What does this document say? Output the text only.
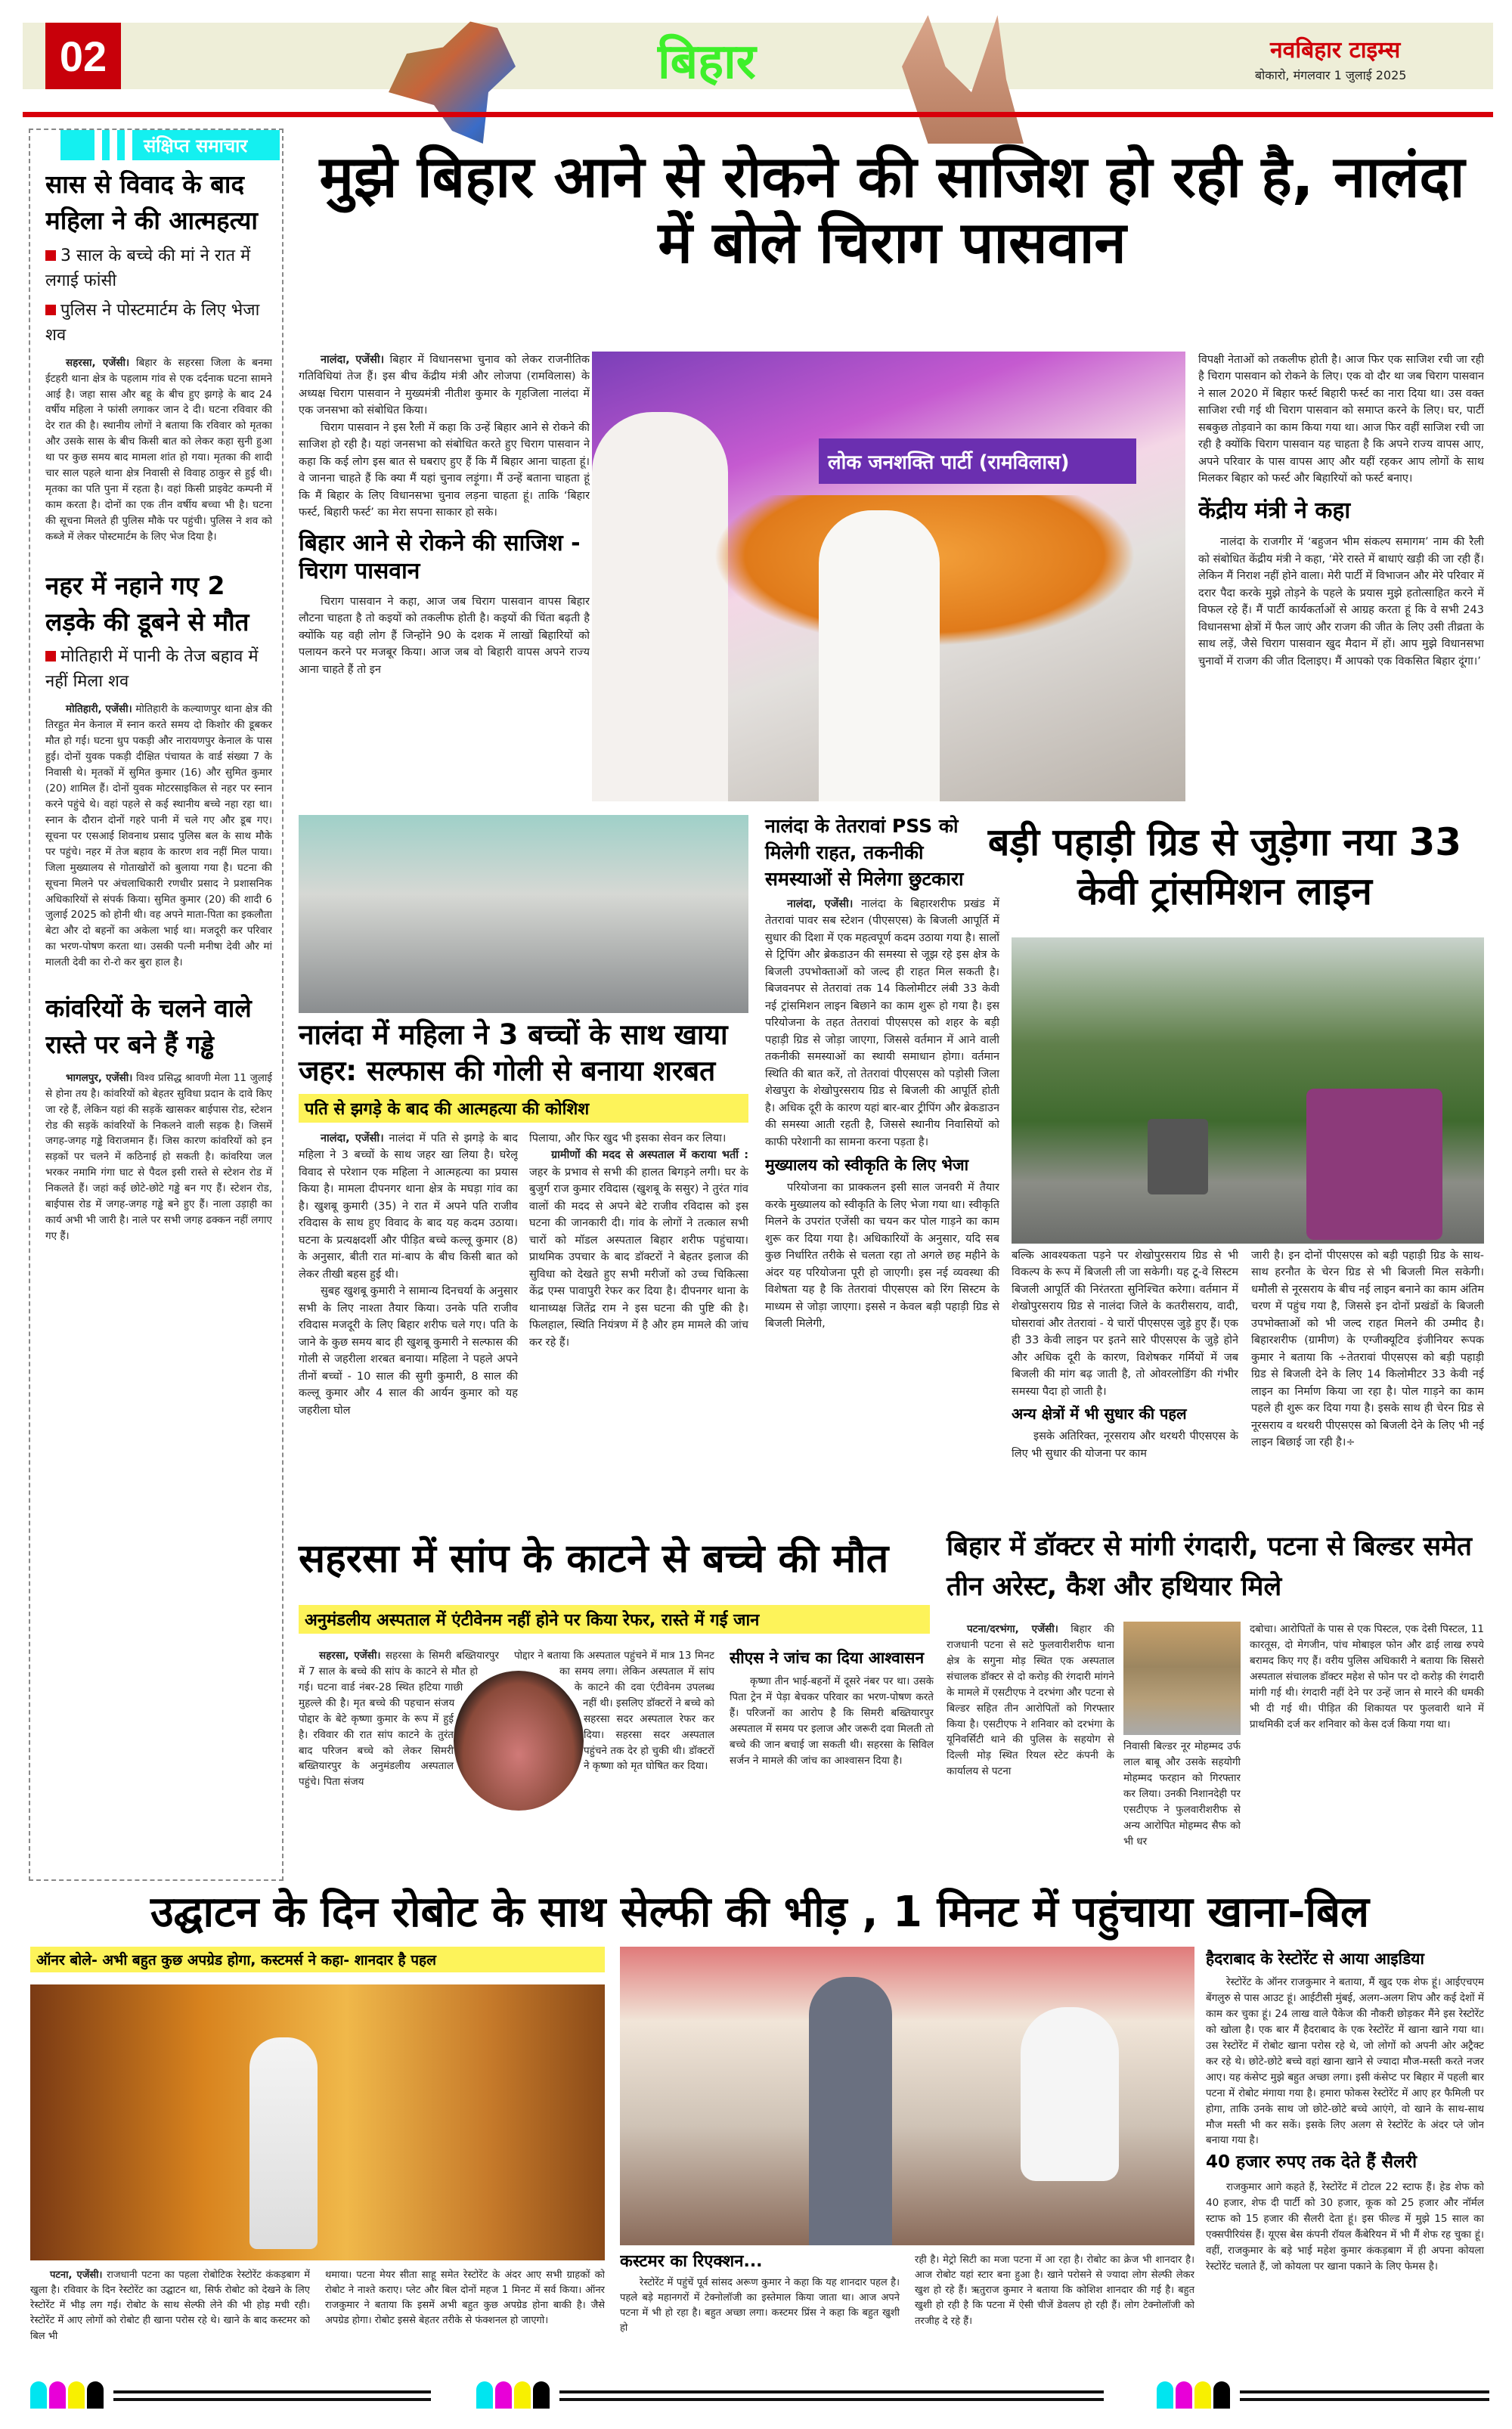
02	बिहार	नवबिहार टाइम्स
बोकारो, मंगलवार 1 जुलाई 2025
संक्षिप्त समाचार
सास से विवाद के बाद महिला ने की आत्महत्या
3 साल के बच्चे की मां ने रात में लगाई फांसी
पुलिस ने पोस्टमार्टम के लिए भेजा शव

सहरसा, एजेंसी। बिहार के सहरसा जिला के बनमा ईटहरी थाना क्षेत्र के पहलाम गांव से एक दर्दनाक घटना सामने आई है। जहा सास और बहू के बीच हुए झगड़े के बाद 24 वर्षीय महिला ने फांसी लगाकर जान दे दी। घटना रविवार की देर रात की है। स्थानीय लोगों ने बताया कि रविवार को मृतका और उसके सास के बीच किसी बात को लेकर कहा सुनी हुआ था पर कुछ समय बाद मामला शांत हो गया। मृतका की शादी चार साल पहले थाना क्षेत्र निवासी से विवाह ठाकुर से हुई थी। मृतका का पति पुना में रहता है। वहां किसी प्राइवेट कम्पनी में काम करता है। दोनों का एक तीन वर्षीय बच्चा भी है। घटना की सूचना मिलते ही पुलिस मौके पर पहुंची। पुलिस ने शव को कब्जे में लेकर पोस्टमार्टम के लिए भेज दिया है।

नहर में नहाने गए 2 लड़के की डूबने से मौत
मोतिहारी में पानी के तेज बहाव में नहीं मिला शव

मोतिहारी, एजेंसी। मोतिहारी के कल्याणपुर थाना क्षेत्र की तिरहुत मेन केनाल में स्नान करते समय दो किशोर की डूबकर मौत हो गई। घटना धुप पकड़ी और नारायणपुर केनाल के पास हुई। दोनों युवक पकड़ी दीक्षित पंचायत के वार्ड संख्या 7 के निवासी थे। मृतकों में सुमित कुमार (16) और सुमित कुमार (20) शामिल हैं। दोनों युवक मोटरसाइकिल से नहर पर स्नान करने पहुंचे थे। वहां पहले से कई स्थानीय बच्चे नहा रहा था। स्नान के दौरान दोनों गहरे पानी में चले गए और डूब गए। सूचना पर एसआई शिवनाथ प्रसाद पुलिस बल के साथ मौके पर पहुंचे। नहर में तेज बहाव के कारण शव नहीं मिल पाया। जिला मुख्यालय से गोताखोरों को बुलाया गया है। घटना की सूचना मिलने पर अंचलाधिकारी रणधीर प्रसाद ने प्रशासनिक अधिकारियों से संपर्क किया। सुमित कुमार (20) की शादी 6 जुलाई 2025 को होनी थी। वह अपने माता-पिता का इकलौता बेटा और दो बहनों का अकेला भाई था। मजदूरी कर परिवार का भरण-पोषण करता था। उसकी पत्नी मनीषा देवी और मां मालती देवी का रो-रो कर बुरा हाल है।

कांवरियों के चलने वाले रास्ते पर बने हैं गड्ढे

भागलपुर, एजेंसी। विश्व प्रसिद्ध श्रावणी मेला 11 जुलाई से होना तय है। कांवरियों को बेहतर सुविधा प्रदान के दावे किए जा रहे हैं, लेकिन यहां की सड़कें खासकर बाईपास रोड, स्टेशन रोड की सड़कें कांवरियों के निकलने वाली सड़क है। जिसमें जगह-जगह गड्ढे विराजमान हैं। जिस कारण कांवरियों को इन सड़कों पर चलने में कठिनाई हो सकती है। कांवरिया जल भरकर नमामि गंगा घाट से पैदल इसी रास्ते से स्टेशन रोड में निकलते हैं। जहां कई छोटे-छोटे गड्ढे बन गए हैं। स्टेशन रोड, बाईपास रोड में जगह-जगह गड्ढे बने हुए हैं। नाला उड़ाही का कार्य अभी भी जारी है। नाले पर सभी जगह ढक्कन नहीं लगाए गए हैं।

मुझे बिहार आने से रोकने की साजिश हो रही है, नालंदा में बोले चिराग पासवान

नालंदा, एजेंसी। बिहार में विधानसभा चुनाव को लेकर राजनीतिक गतिविधियां तेज हैं। इस बीच केंद्रीय मंत्री और लोजपा (रामविलास) के अध्यक्ष चिराग पासवान ने मुख्यमंत्री नीतीश कुमार के गृहजिला नालंदा में एक जनसभा को संबोधित किया।

चिराग पासवान ने इस रैली में कहा कि उन्हें बिहार आने से रोकने की साजिश हो रही है। यहां जनसभा को संबोधित करते हुए चिराग पासवान ने कहा कि कई लोग इस बात से घबराए हुए हैं कि मैं बिहार आना चाहता हूं। वे जानना चाहते हैं कि क्या मैं यहां चुनाव लड़ूंगा। मैं उन्हें बताना चाहता हूं कि मैं बिहार के लिए विधानसभा चुनाव लड़ना चाहता हूं। ताकि ‘बिहार फर्स्ट, बिहारी फर्स्ट’ का मेरा सपना साकार हो सके।

बिहार आने से रोकने की साजिश - चिराग पासवान

चिराग पासवान ने कहा, आज जब चिराग पासवान वापस बिहार लौटना चाहता है तो कइयों को तकलीफ होती है। कइयों की चिंता बढ़ती है क्योंकि यह वही लोग हैं जिन्होंने 90 के दशक में लाखों बिहारियों को पलायन करने पर मजबूर किया। आज जब वो बिहारी वापस अपने राज्य आना चाहते हैं तो इन

लोक जनशक्ति पार्टी (रामविलास)

विपक्षी नेताओं को तकलीफ होती है। आज फिर एक साजिश रची जा रही है चिराग पासवान को रोकने के लिए। एक वो दौर था जब चिराग पासवान ने साल 2020 में बिहार फर्स्ट बिहारी फर्स्ट का नारा दिया था। उस वक्त साजिश रची गई थी चिराग पासवान को समाप्त करने के लिए। घर, पार्टी सबकुछ तोड़वाने का काम किया गया था। आज फिर वहीं साजिश रची जा रही है क्योंकि चिराग पासवान यह चाहता है कि अपने राज्य वापस आए, अपने परिवार के पास वापस आए और यहीं रहकर आप लोगों के साथ मिलकर बिहार को फर्स्ट और बिहारियों को फर्स्ट बनाए।

केंद्रीय मंत्री ने कहा

नालंदा के राजगीर में ‘बहुजन भीम संकल्प समागम’ नाम की रैली को संबोधित केंद्रीय मंत्री ने कहा, ‘मेरे रास्ते में बाधाएं खड़ी की जा रही हैं। लेकिन मैं निराश नहीं होने वाला। मेरी पार्टी में विभाजन और मेरे परिवार में दरार पैदा करके मुझे तोड़ने के पहले के प्रयास मुझे हतोत्साहित करने में विफल रहे हैं। मैं पार्टी कार्यकर्ताओं से आग्रह करता हूं कि वे सभी 243 विधानसभा क्षेत्रों में फैल जाएं और राजग की जीत के लिए उसी तीव्रता के साथ लड़ें, जैसे चिराग पासवान खुद मैदान में हों। आप मुझे विधानसभा चुनावों में राजग की जीत दिलाइए। मैं आपको एक विकसित बिहार दूंगा।’

नालंदा में महिला ने 3 बच्चों के साथ खाया जहर: सल्फास की गोली से बनाया शरबत
पति से झगड़े के बाद की आत्महत्या की कोशिश

नालंदा, एजेंसी। नालंदा में पति से झगड़े के बाद महिला ने 3 बच्चों के साथ जहर खा लिया है। घरेलू विवाद से परेशान एक महिला ने आत्महत्या का प्रयास किया है। मामला दीपनगर थाना क्षेत्र के मघड़ा गांव का है। खुशबू कुमारी (35) ने रात में अपने पति राजीव रविदास के साथ हुए विवाद के बाद यह कदम उठाया। घटना के प्रत्यक्षदर्शी और पीड़ित बच्चे कल्लू कुमार (8) के अनुसार, बीती रात मां-बाप के बीच किसी बात को लेकर तीखी बहस हुई थी।

सुबह खुशबू कुमारी ने सामान्य दिनचर्या के अनुसार सभी के लिए नाश्ता तैयार किया। उनके पति राजीव रविदास मजदूरी के लिए बिहार शरीफ चले गए। पति के जाने के कुछ समय बाद ही खुशबू कुमारी ने सल्फास की गोली से जहरीला शरबत बनाया। महिला ने पहले अपने तीनों बच्चों - 10 साल की सुगी कुमारी, 8 साल की कल्लू कुमार और 4 साल की आर्यन कुमार को यह जहरीला घोल

पिलाया, और फिर खुद भी इसका सेवन कर लिया।

ग्रामीणों की मदद से अस्पताल में कराया भर्ती : जहर के प्रभाव से सभी की हालत बिगड़ने लगी। घर के बुजुर्ग राज कुमार रविदास (खुशबू के ससुर) ने तुरंत गांव वालों की मदद से अपने बेटे राजीव रविदास को इस घटना की जानकारी दी। गांव के लोगों ने तत्काल सभी चारों को मॉडल अस्पताल बिहार शरीफ पहुंचाया। प्राथमिक उपचार के बाद डॉक्टरों ने बेहतर इलाज की सुविधा को देखते हुए सभी मरीजों को उच्च चिकित्सा केंद्र एम्स पावापुरी रेफर कर दिया है। दीपनगर थाना के थानाध्यक्ष जितेंद्र राम ने इस घटना की पुष्टि की है। फिलहाल, स्थिति नियंत्रण में है और हम मामले की जांच कर रहे हैं।

नालंदा के तेतरावां PSS को मिलेगी राहत, तकनीकी समस्याओं से मिलेगा छुटकारा
बड़ी पहाड़ी ग्रिड से जुड़ेगा नया 33 केवी ट्रांसमिशन लाइन

नालंदा, एजेंसी। नालंदा के बिहारशरीफ प्रखंड में तेतरावां पावर सब स्टेशन (पीएसएस) के बिजली आपूर्ति में सुधार की दिशा में एक महत्वपूर्ण कदम उठाया गया है। सालों से ट्रिपिंग और ब्रेकडाउन की समस्या से जूझ रहे इस क्षेत्र के बिजली उपभोक्ताओं को जल्द ही राहत मिल सकती है। बिजवनपर से तेतरावां तक 14 किलोमीटर लंबी 33 केवी नई ट्रांसमिशन लाइन बिछाने का काम शुरू हो गया है। इस परियोजना के तहत तेतरावां पीएसएस को शहर के बड़ी पहाड़ी ग्रिड से जोड़ा जाएगा, जिससे वर्तमान में आने वाली तकनीकी समस्याओं का स्थायी समाधान होगा। वर्तमान स्थिति की बात करें, तो तेतरावां पीएसएस को पड़ोसी जिला शेखपुरा के शेखोपुरसराय ग्रिड से बिजली की आपूर्ति होती है। अधिक दूरी के कारण यहां बार-बार ट्रीपिंग और ब्रेकडाउन की समस्या आती रहती है, जिससे स्थानीय निवासियों को काफी परेशानी का सामना करना पड़ता है।

मुख्यालय को स्वीकृति के लिए भेजा

परियोजना का प्राक्कलन इसी साल जनवरी में तैयार करके मुख्यालय को स्वीकृति के लिए भेजा गया था। स्वीकृति मिलने के उपरांत एजेंसी का चयन कर पोल गाड़ने का काम शुरू कर दिया गया है। अधिकारियों के अनुसार, यदि सब कुछ निर्धारित तरीके से चलता रहा तो अगले छह महीने के अंदर यह परियोजना पूरी हो जाएगी। इस नई व्यवस्था की विशेषता यह है कि तेतरावां पीएसएस को रिंग सिस्टम के माध्यम से जोड़ा जाएगा। इससे न केवल बड़ी पहाड़ी ग्रिड से बिजली मिलेगी,

बल्कि आवश्यकता पड़ने पर शेखोपुरसराय ग्रिड से भी विकल्प के रूप में बिजली ली जा सकेगी। यह टू-वे सिस्टम बिजली आपूर्ति की निरंतरता सुनिश्चित करेगा। वर्तमान में शेखोपुरसराय ग्रिड से नालंदा जिले के कतरीसराय, वादी, घोसरावां और तेतरावां - ये चारों पीएसएस जुड़े हुए हैं। एक ही 33 केवी लाइन पर इतने सारे पीएसएस के जुड़े होने और अधिक दूरी के कारण, विशेषकर गर्मियों में जब बिजली की मांग बढ़ जाती है, तो ओवरलोडिंग की गंभीर समस्या पैदा हो जाती है।

अन्य क्षेत्रों में भी सुधार की पहल

इसके अतिरिक्त, नूरसराय और थरथरी पीएसएस के लिए भी सुधार की योजना पर काम

जारी है। इन दोनों पीएसएस को बड़ी पहाड़ी ग्रिड के साथ-साथ हरनौत के चेरन ग्रिड से भी बिजली मिल सकेगी। धमौली से नूरसराय के बीच नई लाइन बनाने का काम अंतिम चरण में पहुंच गया है, जिससे इन दोनों प्रखंडों के बिजली उपभोक्ताओं को भी जल्द राहत मिलने की उम्मीद है। बिहारशरीफ (ग्रामीण) के एग्जीक्यूटिव इंजीनियर रूपक कुमार ने बताया कि ÷तेतरावां पीएसएस को बड़ी पहाड़ी ग्रिड से बिजली देने के लिए 14 किलोमीटर 33 केवी नई लाइन का निर्माण किया जा रहा है। पोल गाड़ने का काम पहले ही शुरू कर दिया गया है। इसके साथ ही चेरन ग्रिड से नूरसराय व थरथरी पीएसएस को बिजली देने के लिए भी नई लाइन बिछाई जा रही है।÷

सहरसा में सांप के काटने से बच्चे की मौत
अनुमंडलीय अस्पताल में एंटीवेनम नहीं होने पर किया रेफर, रास्ते में गई जान

सहरसा, एजेंसी। सहरसा के सिमरी बख्तियारपुर में 7 साल के बच्चे की सांप के काटने से मौत हो गई। घटना वार्ड नंबर-28 स्थित हटिया गाछी मुहल्ले की है। मृत बच्चे की पहचान संजय पोद्दार के बेटे कृष्णा कुमार के रूप में हुई है। रविवार की रात सांप काटने के तुरंत बाद परिजन बच्चे को लेकर सिमरी बख्तियारपुर के अनुमंडलीय अस्पताल पहुंचे। पिता संजय

पोद्दार ने बताया कि अस्पताल पहुंचने में मात्र 13 मिनट का समय लगा। लेकिन अस्पताल में सांप के काटने की दवा एंटीवेनम उपलब्ध नहीं थी। इसलिए डॉक्टरों ने बच्चे को सहरसा सदर अस्पताल रेफर कर दिया। सहरसा सदर अस्पताल पहुंचने तक देर हो चुकी थी। डॉक्टरों ने कृष्णा को मृत घोषित कर दिया।

सीएस ने जांच का दिया आश्वासन

कृष्णा तीन भाई-बहनों में दूसरे नंबर पर था। उसके पिता ट्रेन में पेड़ा बेचकर परिवार का भरण-पोषण करते हैं। परिजनों का आरोप है कि सिमरी बख्तियारपुर अस्पताल में समय पर इलाज और जरूरी दवा मिलती तो बच्चे की जान बचाई जा सकती थी। सहरसा के सिविल सर्जन ने मामले की जांच का आश्वासन दिया है।

बिहार में डॉक्टर से मांगी रंगदारी, पटना से बिल्डर समेत तीन अरेस्ट, कैश और हथियार मिले

पटना/दरभंगा, एजेंसी। बिहार की राजधानी पटना से सटे फुलवारीशरीफ थाना क्षेत्र के सगुना मोड़ स्थित एक अस्पताल संचालक डॉक्टर से दो करोड़ की रंगदारी मांगने के मामले में एसटीएफ ने दरभंगा और पटना से बिल्डर सहित तीन आरोपितों को गिरफ्तार किया है। एसटीएफ ने शनिवार को दरभंगा के यूनिवर्सिटी थाने की पुलिस के सहयोग से दिल्ली मोड़ स्थित रियल स्टेट कंपनी के कार्यालय से पटना

निवासी बिल्डर नूर मोहम्मद उर्फ लाल बाबू और उसके सहयोगी मोहम्मद फरहान को गिरफ्तार कर लिया। उनकी निशानदेही पर एसटीएफ ने फुलवारीशरीफ से अन्य आरोपित मोहम्मद सैफ को भी धर

दबोचा। आरोपितों के पास से एक पिस्टल, एक देसी पिस्टल, 11 कारतूस, दो मेगजीन, पांच मोबाइल फोन और ढाई लाख रुपये बरामद किए गए हैं। वरीय पुलिस अधिकारी ने बताया कि सिसरो अस्पताल संचालक डॉक्टर महेश से फोन पर दो करोड़ की रंगदारी मांगी गई थी। रंगदारी नहीं देने पर उन्हें जान से मारने की धमकी भी दी गई थी। पीड़ित की शिकायत पर फुलवारी थाने में प्राथमिकी दर्ज कर शनिवार को केस दर्ज किया गया था।

उद्घाटन के दिन रोबोट के साथ सेल्फी की भीड़ , 1 मिनट में पहुंचाया खाना-बिल
ऑनर बोले- अभी बहुत कुछ अपग्रेड होगा, कस्टमर्स ने कहा- शानदार है पहल

पटना, एजेंसी। राजधानी पटना का पहला रोबोटिक रेस्टोरेंट कंकड़बाग में खुला है। रविवार के दिन रेस्टोरेंट का उद्घाटन था, सिर्फ रोबोट को देखने के लिए रेस्टोरेंट में भीड़ लग गई। रोबोट के साथ सेल्फी लेने की भी होड़ मची रही। रेस्टोरेंट में आए लोगों को रोबोट ही खाना परोस रहे थे। खाने के बाद कस्टमर को बिल भी

थमाया। पटना मेयर सीता साहू समेत रेस्टोरेंट के अंदर आए सभी ग्राहकों को रोबोट ने नाश्ते कराए। प्लेट और बिल दोनों महज 1 मिनट में सर्व किया। ऑनर राजकुमार ने बताया कि इसमें अभी बहुत कुछ अपग्रेड होना बाकी है। जैसे अपग्रेड होगा। रोबोट इससे बेहतर तरीके से फंक्शनल हो जाएगो।

कस्टमर का रिएक्शन...

रेस्टोरेंट में पहुंचें पूर्व सांसद अरूण कुमार ने कहा कि यह शानदार पहल है। पहले बड़े महानगरों में टेक्नोलॉजी का इस्तेमाल किया जाता था। आज अपने पटना में भी हो रहा है। बहुत अच्छा लगा। कस्टमर प्रिंस ने कहा कि बहुत खुशी हो

रही है। मेट्रो सिटी का मजा पटना में आ रहा है। रोबोट का क्रेज भी शानदार है। आज रोबोट यहां स्टार बना हुआ है। खाने परोसने से ज्यादा लोग सेल्फी लेकर खुश हो रहे हैं। ऋतुराज कुमार ने बताया कि कोशिश शानदार की गई है। बहुत खुशी हो रही है कि पटना में ऐसी चीजें डेवलप हो रही हैं। लोग टेक्नोलॉजी को तरजीह दे रहे हैं।

हैदराबाद के रेस्टोरेंट से आया आइडिया

रेस्टोरेंट के ऑनर राजकुमार ने बताया, मैं खुद एक शेफ हूं। आईएचएम बेंगलुरु से पास आउट हूं। आईटीसी मुंबई, अलग-अलग शिप और कई देशों में काम कर चुका हूं। 24 लाख वाले पैकेज की नौकरी छोड़कर मैंने इस रेस्टोरेंट को खोला है। एक बार मैं हैदराबाद के एक रेस्टोरेंट में खाना खाने गया था। उस रेस्टोरेंट में रोबोट खाना परोस रहे थे, जो लोगों को अपनी ओर अट्रैक्ट कर रहे थे। छोटे-छोटे बच्चे वहां खाना खाने से ज्यादा मौज-मस्ती करते नजर आए। यह कंसेप्ट मुझे बहुत अच्छा लगा। इसी कंसेप्ट पर बिहार में पहली बार पटना में रोबोट मंगाया गया है। हमारा फोकस रेस्टोरेंट में आए हर फैमिली पर होगा, ताकि उनके साथ जो छोटे-छोटे बच्चे आएंगे, वो खाने के साथ-साथ मौज मस्ती भी कर सकें। इसके लिए अलग से रेस्टोरेंट के अंदर प्ले जोन बनाया गया है।

40 हजार रुपए तक देते हैं सैलरी

राजकुमार आगे कहते हैं, रेस्टोरेंट में टोटल 22 स्टाफ हैं। हेड शेफ को 40 हजार, शेफ दी पार्टी को 30 हजार, कूक को 25 हजार और नॉर्मल स्टाफ को 15 हजार की सैलरी देता हूं। इस फील्ड में मुझे 15 साल का एक्सपीरियंस हैं। यूएस बेस कंपनी रॉयल कैंबेरियन में भी मैं शेफ रह चुका हूं। वहीं, राजकुमार के बड़े भाई महेश कुमार कंकड़बाग में ही अपना कोयला रेस्टोरेंट चलाते हैं, जो कोयला पर खाना पकाने के लिए फेमस है।
